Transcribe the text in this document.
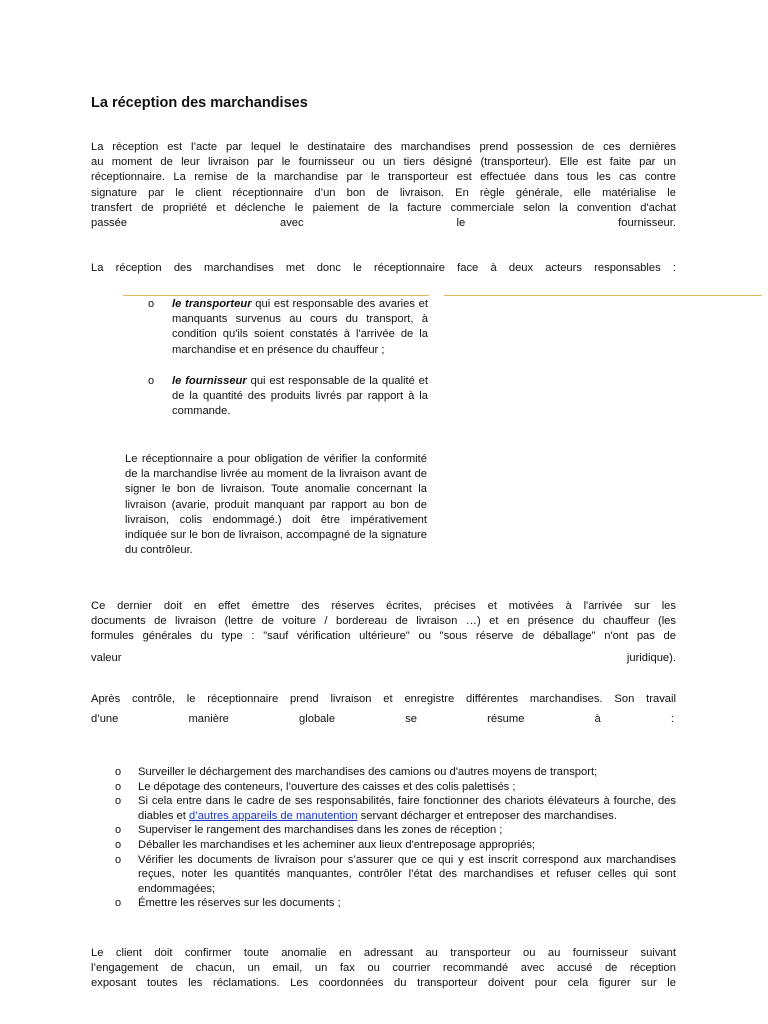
La réception des marchandises
La réception est l’acte par lequel le destinataire des marchandises prend possession de ces dernières
au moment de leur livraison par le fournisseur ou un tiers désigné (transporteur). Elle est faite par un
réceptionnaire. La remise de la marchandise par le transporteur est effectuée dans tous les cas contre
signature par le client réceptionnaire d’un bon de livraison. En règle générale, elle matérialise le
transfert de propriété et déclenche le paiement de la facture commerciale selon la convention d'achat
passée avec le fournisseur.
La réception des marchandises met donc le réceptionnaire face à deux acteurs responsables :
o le transporteur qui est responsable des avaries et manquants survenus au cours du transport, à condition qu'ils soient constatés à l'arrivée de la marchandise et en présence du chauffeur ;
o le fournisseur qui est responsable de la qualité et de la quantité des produits livrés par rapport à la commande.
Le réceptionnaire a pour obligation de vérifier la conformité de la marchandise livrée au moment de la livraison avant de signer le bon de livraison. Toute anomalie concernant la livraison (avarie, produit manquant par rapport au bon de livraison, colis endommagé.) doit être impérativement indiquée sur le bon de livraison, accompagné de la signature du contrôleur.
Ce dernier doit en effet émettre des réserves écrites, précises et motivées à l'arrivée sur les
documents de livraison (lettre de voiture / bordereau de livraison …) et en présence du chauffeur (les
formules générales du type : "sauf vérification ultérieure" ou "sous réserve de déballage" n'ont pas de
valeur juridique).
Après contrôle, le réceptionnaire prend livraison et enregistre différentes marchandises. Son travail
d’une manière globale se résume à :
o Surveiller le déchargement des marchandises des camions ou d'autres moyens de transport;
o Le dépotage des conteneurs, l’ouverture des caisses et des colis palettisés ;
o Si cela entre dans le cadre de ses responsabilités, faire fonctionner des chariots élévateurs à fourche, des diables et d’autres appareils de manutention servant décharger et entreposer des marchandises.
o Superviser le rangement des marchandises dans les zones de réception ;
o Déballer les marchandises et les acheminer aux lieux d'entreposage appropriés;
o Vérifier les documents de livraison pour s’assurer que ce qui y est inscrit correspond aux marchandises reçues, noter les quantités manquantes, contrôler l’état des marchandises et refuser celles qui sont endommagées;
o Émettre les réserves sur les documents ;
Le client doit confirmer toute anomalie en adressant au transporteur ou au fournisseur suivant
l’engagement de chacun, un email, un fax ou courrier recommandé avec accusé de réception
exposant toutes les réclamations. Les coordonnées du transporteur doivent pour cela figurer sur le
